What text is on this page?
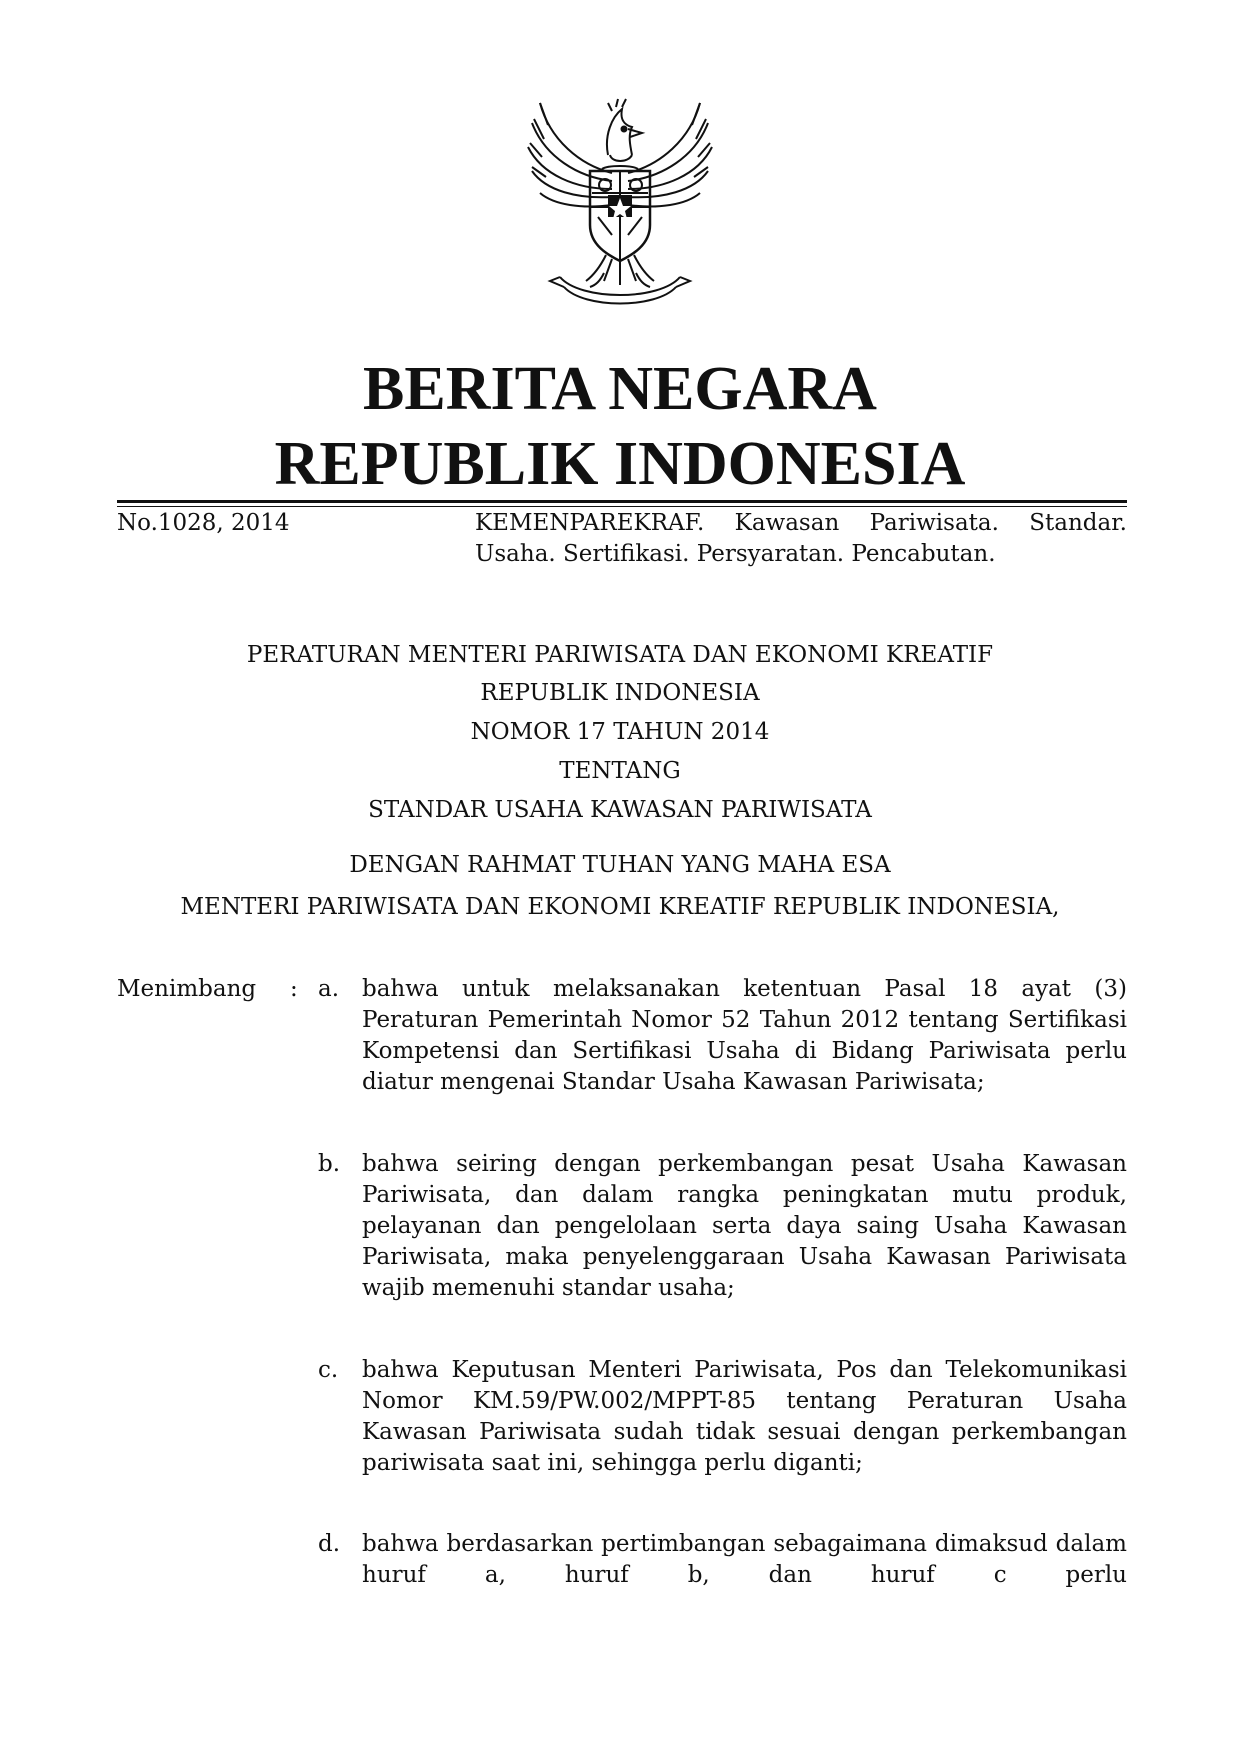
BERITA NEGARA
REPUBLIK INDONESIA
No.1028, 2014	KEMENPAREKRAF. Kawasan Pariwisata. Standar. Usaha. Sertifikasi. Persyaratan. Pencabutan.
PERATURAN MENTERI PARIWISATA DAN EKONOMI KREATIF
REPUBLIK INDONESIA
NOMOR 17 TAHUN 2014
TENTANG
STANDAR USAHA KAWASAN PARIWISATA
DENGAN RAHMAT TUHAN YANG MAHA ESA
MENTERI PARIWISATA DAN EKONOMI KREATIF REPUBLIK INDONESIA,
Menimbang : a. bahwa untuk melaksanakan ketentuan Pasal 18 ayat (3) Peraturan Pemerintah Nomor 52 Tahun 2012 tentang Sertifikasi Kompetensi dan Sertifikasi Usaha di Bidang Pariwisata perlu diatur mengenai Standar Usaha Kawasan Pariwisata;
b. bahwa seiring dengan perkembangan pesat Usaha Kawasan Pariwisata, dan dalam rangka peningkatan mutu produk, pelayanan dan pengelolaan serta daya saing Usaha Kawasan Pariwisata, maka penyelenggaraan Usaha Kawasan Pariwisata wajib memenuhi standar usaha;
c.	bahwa Keputusan Menteri Pariwisata, Pos dan Telekomunikasi Nomor KM.59/PW.002/MPPT-85 tentang Peraturan Usaha Kawasan Pariwisata sudah tidak sesuai dengan perkembangan pariwisata saat ini, sehingga perlu diganti;
d. bahwa berdasarkan pertimbangan sebagaimana dimaksud dalam huruf a, huruf b, dan huruf c perlu
